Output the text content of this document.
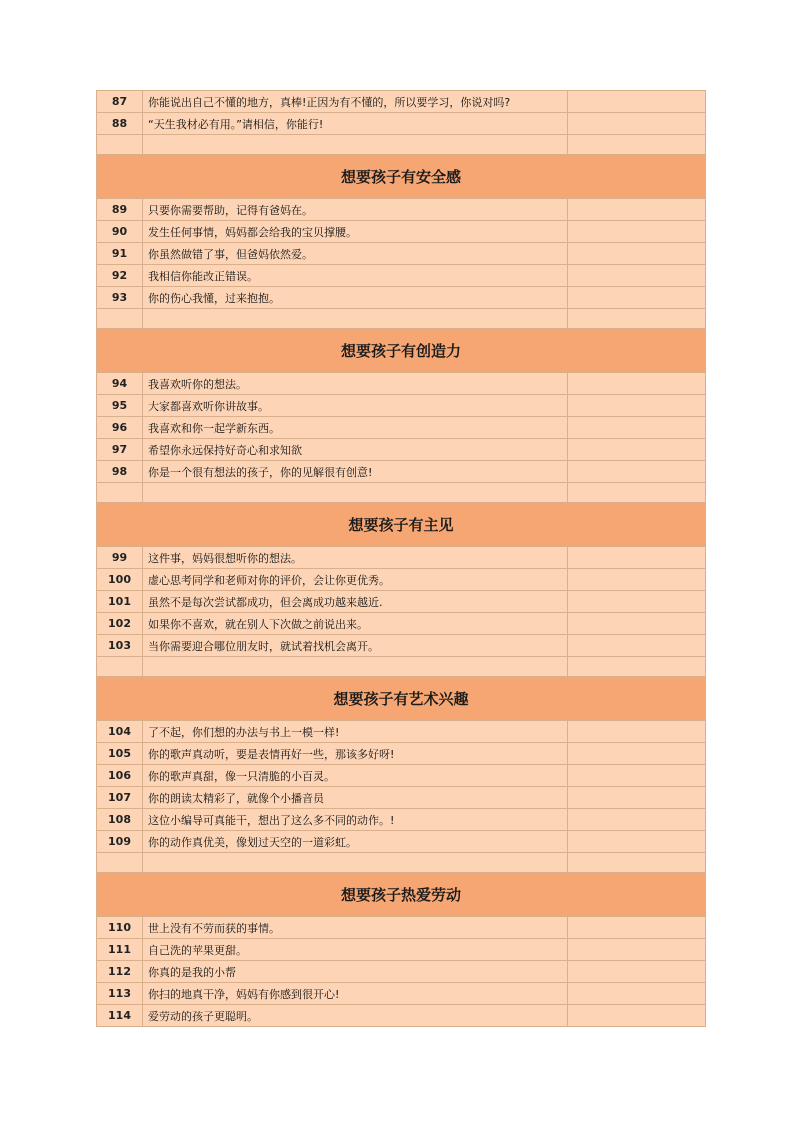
87	你能说出自己不懂的地方，真棒!正因为有不懂的，所以要学习，你说对吗?
88	“天生我材必有用。”请相信，你能行!
想要孩子有安全感
89	只要你需要帮助，记得有爸妈在。
90	发生任何事情，妈妈都会给我的宝贝撑腰。
91	你虽然做错了事，但爸妈依然爱。
92	我相信你能改正错误。
93	你的伤心我懂，过来抱抱。
想要孩子有创造力
94	我喜欢听你的想法。
95	大家都喜欢听你讲故事。
96	我喜欢和你一起学新东西。
97	希望你永远保持好奇心和求知欲
98	你是一个很有想法的孩子，你的见解很有创意!
想要孩子有主见
99	这件事，妈妈很想听你的想法。
100	虚心思考同学和老师对你的评价，会让你更优秀。
101	虽然不是每次尝试都成功，但会离成功越来越近.
102	如果你不喜欢，就在别人下次做之前说出来。
103	当你需要迎合哪位朋友时，就试着找机会离开。
想要孩子有艺术兴趣
104	了不起，你们想的办法与书上一模一样!
105	你的歌声真动听，要是表情再好一些，那该多好呀!
106	你的歌声真甜，像一只清脆的小百灵。
107	你的朗读太精彩了，就像个小播音员
108	这位小编导可真能干，想出了这么多不同的动作。!
109	你的动作真优美，像划过天空的一道彩虹。
想要孩子热爱劳动
110	世上没有不劳而获的事情。
111	自己洗的苹果更甜。
112	你真的是我的小帮
113	你扫的地真干净，妈妈有你感到很开心!
114	爱劳动的孩子更聪明。
